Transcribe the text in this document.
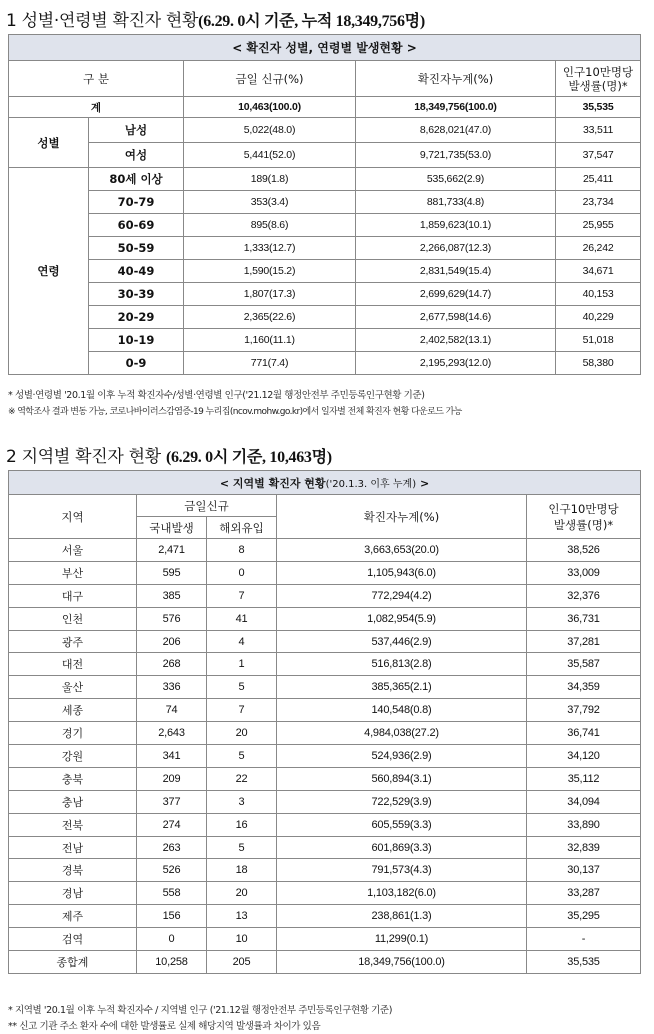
1 성별·연령별 확진자 현황(6.29. 0시 기준, 누적 18,349,756명)
< 확진자 성별, 연령별 발생현황 >				
구 분		금일 신규(%)	확진자누계(%)	인구10만명당
발생률(명)*

계		10,463(100.0)	18,349,756(100.0)	35,535
성별	남성	5,022(48.0)	8,628,021(47.0)	33,511
	여성	5,441(52.0)	9,721,735(53.0)	37,547
연령	80세 이상	189(1.8)	535,662(2.9)	25,411
	70-79	353(3.4)	881,733(4.8)	23,734
	60-69	895(8.6)	1,859,623(10.1)	25,955
	50-59	1,333(12.7)	2,266,087(12.3)	26,242
	40-49	1,590(15.2)	2,831,549(15.4)	34,671
	30-39	1,807(17.3)	2,699,629(14.7)	40,153
	20-29	2,365(22.6)	2,677,598(14.6)	40,229
	10-19	1,160(11.1)	2,402,582(13.1)	51,018
	0-9	771(7.4)	2,195,293(12.0)	58,380
* 성별·연령별 '20.1월 이후 누적 확진자수/성별·연령별 인구('21.12월 행정안전부 주민등록인구현황 기준)
※ 역학조사 결과 변동 가능, 코로나바이러스감염증-19 누리집(ncov.mohw.go.kr)에서 일자별 전체 확진자 현황 다운로드 가능
2 지역별 확진자 현황 (6.29. 0시 기준, 10,463명)
< 지역별 확진자 현황('20.1.3. 이후 누계) >				
지역	금일신규		확진자누계(%)	인구10만명당
발생률(명)*

	국내발생	해외유입		
서울	2,471	8	3,663,653(20.0)	38,526
부산	595	0	1,105,943(6.0)	33,009
대구	385	7	772,294(4.2)	32,376
인천	576	41	1,082,954(5.9)	36,731
광주	206	4	537,446(2.9)	37,281
대전	268	1	516,813(2.8)	35,587
울산	336	5	385,365(2.1)	34,359
세종	74	7	140,548(0.8)	37,792
경기	2,643	20	4,984,038(27.2)	36,741
강원	341	5	524,936(2.9)	34,120
충북	209	22	560,894(3.1)	35,112
충남	377	3	722,529(3.9)	34,094
전북	274	16	605,559(3.3)	33,890
전남	263	5	601,869(3.3)	32,839
경북	526	18	791,573(4.3)	30,137
경남	558	20	1,103,182(6.0)	33,287
제주	156	13	238,861(1.3)	35,295
검역	0	10	11,299(0.1)	-
종합계	10,258	205	18,349,756(100.0)	35,535
* 지역별 '20.1월 이후 누적 확진자수 / 지역별 인구 ('21.12월 행정안전부 주민등록인구현황 기준)
** 신고 기관 주소 환자 수에 대한 발생률로 실제 해당지역 발생률과 차이가 있음
